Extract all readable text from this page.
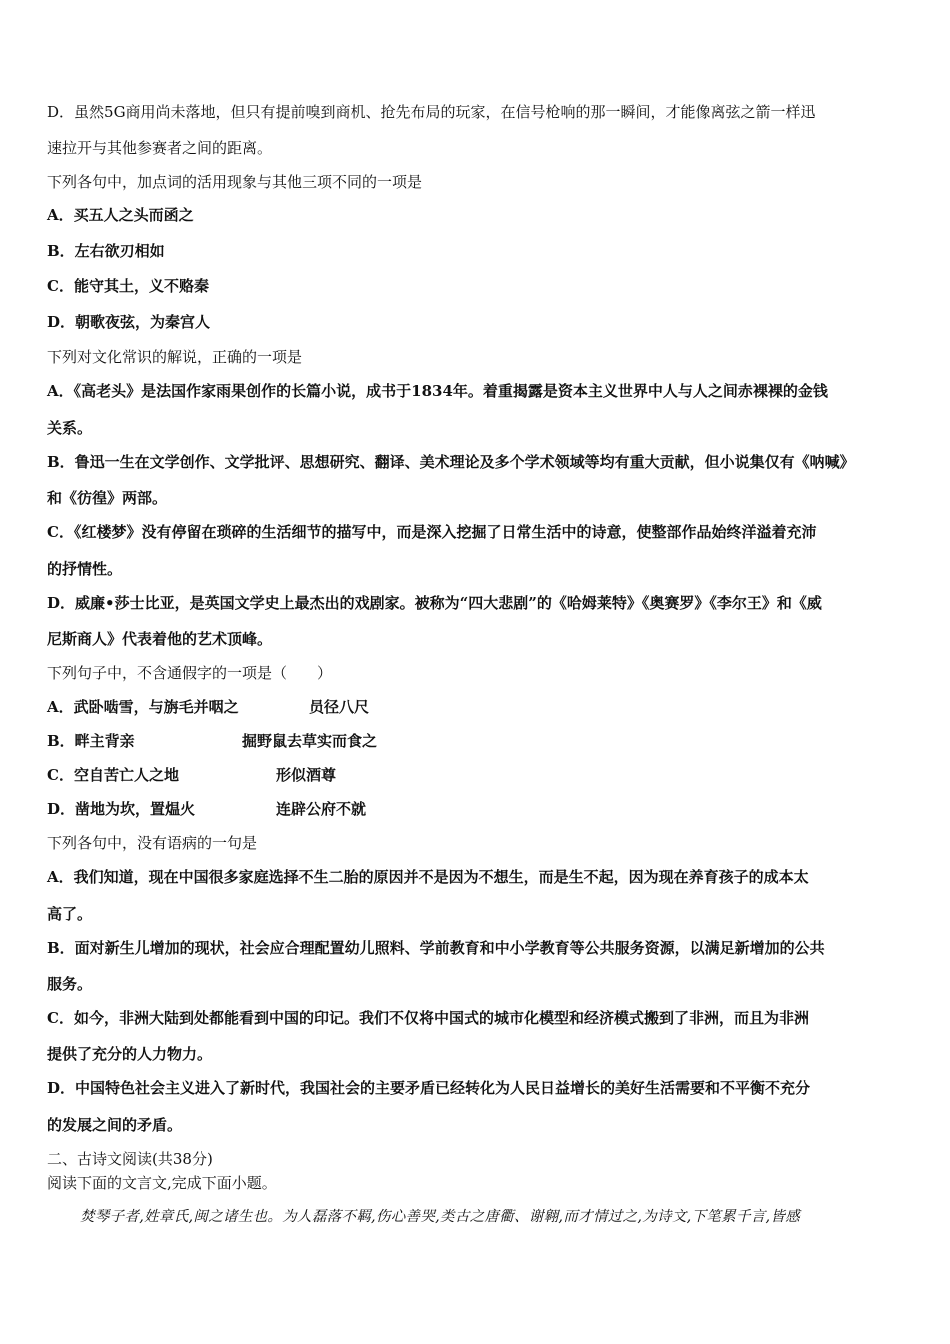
D．虽然5G商用尚未落地，但只有提前嗅到商机、抢先布局的玩家，在信号枪响的那一瞬间，才能像离弦之箭一样迅
速拉开与其他参赛者之间的距离。
下列各句中，加点词的活用现象与其他三项不同的一项是
A．买五人之头而函之
B．左右欲刃相如
C．能守其土，义不赂秦
D．朝歌夜弦，为秦宫人
下列对文化常识的解说，正确的一项是
A．《高老头》是法国作家雨果创作的长篇小说，成书于1834年。着重揭露是资本主义世界中人与人之间赤裸裸的金钱
关系。
B．鲁迅一生在文学创作、文学批评、思想研究、翻译、美术理论及多个学术领域等均有重大贡献，但小说集仅有《呐喊》
和《彷徨》两部。
C．《红楼梦》没有停留在琐碎的生活细节的描写中，而是深入挖掘了日常生活中的诗意，使整部作品始终洋溢着充沛
的抒情性。
D．威廉•莎士比亚，是英国文学史上最杰出的戏剧家。被称为“四大悲剧”的《哈姆莱特》《奥赛罗》《李尔王》和《威
尼斯商人》代表着他的艺术顶峰。
下列句子中，不含通假字的一项是（　　）
A．武卧啮雪，与旃毛并咽之	员径八尺
B．畔主背亲	掘野鼠去草实而食之
C．空自苦亡人之地	形似酒尊
D．凿地为坎，置煴火	连辟公府不就
下列各句中，没有语病的一句是
A．我们知道，现在中国很多家庭选择不生二胎的原因并不是因为不想生，而是生不起，因为现在养育孩子的成本太
高了。
B．面对新生儿增加的现状，社会应合理配置幼儿照料、学前教育和中小学教育等公共服务资源，以满足新增加的公共
服务。
C．如今，非洲大陆到处都能看到中国的印记。我们不仅将中国式的城市化模型和经济模式搬到了非洲，而且为非洲
提供了充分的人力物力。
D．中国特色社会主义进入了新时代，我国社会的主要矛盾已经转化为人民日益增长的美好生活需要和不平衡不充分
的发展之间的矛盾。
二、古诗文阅读(共38分)
阅读下面的文言文,完成下面小题。
焚琴子者,姓章氏,闽之诸生也。为人磊落不羁,伤心善哭,类古之唐衢、谢翱,而才情过之,为诗文,下笔累千言,皆感
